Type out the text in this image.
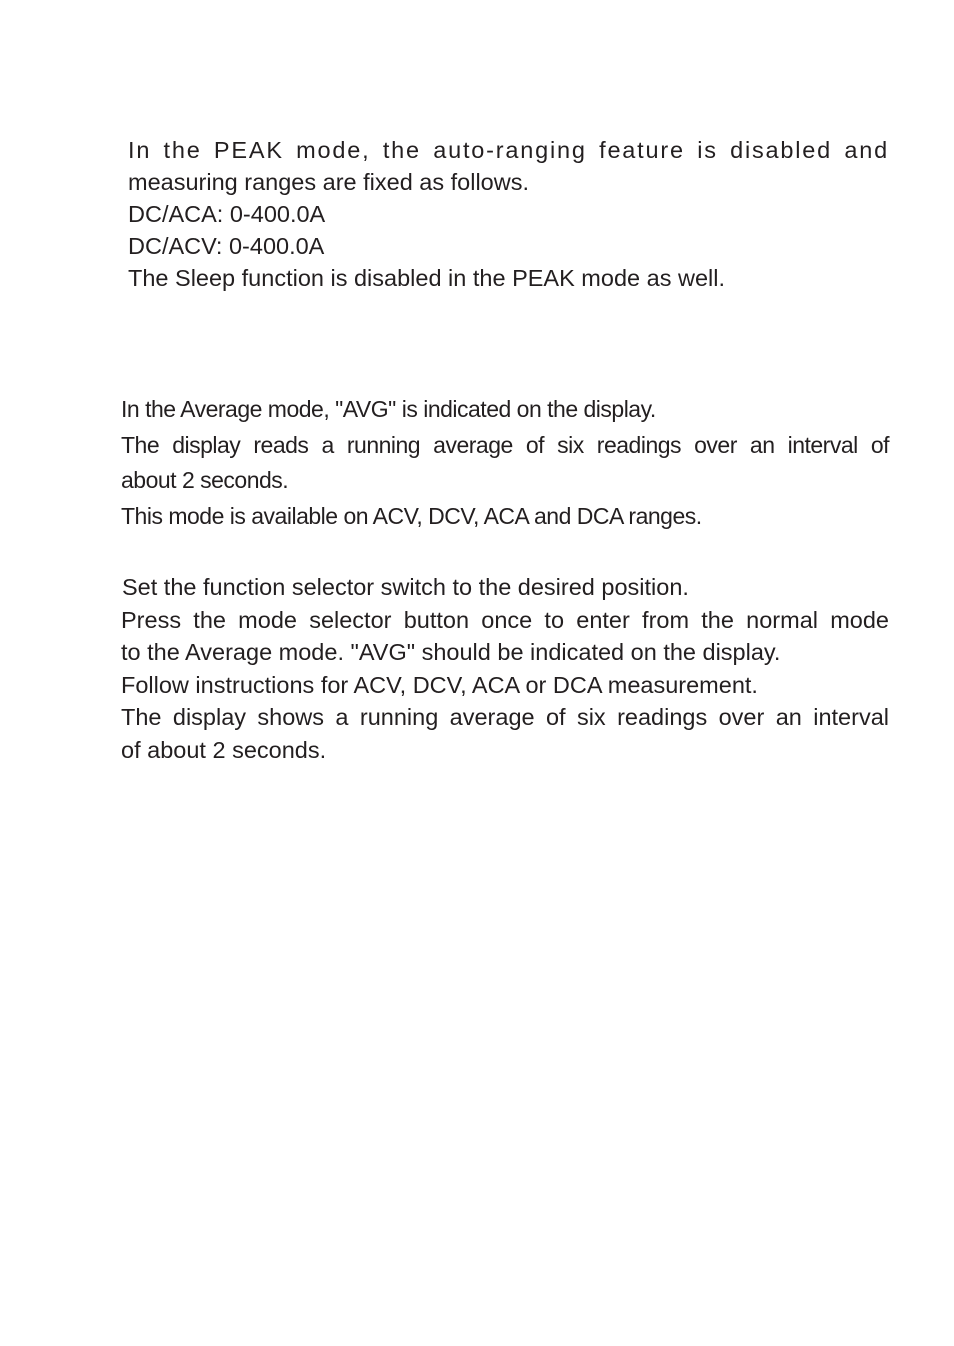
In the PEAK mode, the auto-ranging feature is disabled and
measuring ranges are fixed as follows.
DC/ACA: 0-400.0A
DC/ACV: 0-400.0A
The Sleep function is disabled in the PEAK mode as well.
In the Average mode, "AVG" is indicated on the display.
The display reads a running average of six readings over an interval of
about 2 seconds.
This mode is available on ACV, DCV, ACA and DCA ranges.
Set the function selector switch to the desired position.
Press the mode selector button once to enter from the normal mode
to the Average mode. "AVG" should be indicated on the display.
Follow instructions for ACV, DCV, ACA or DCA measurement.
The display shows a running average of six readings over an interval
of about 2 seconds.
